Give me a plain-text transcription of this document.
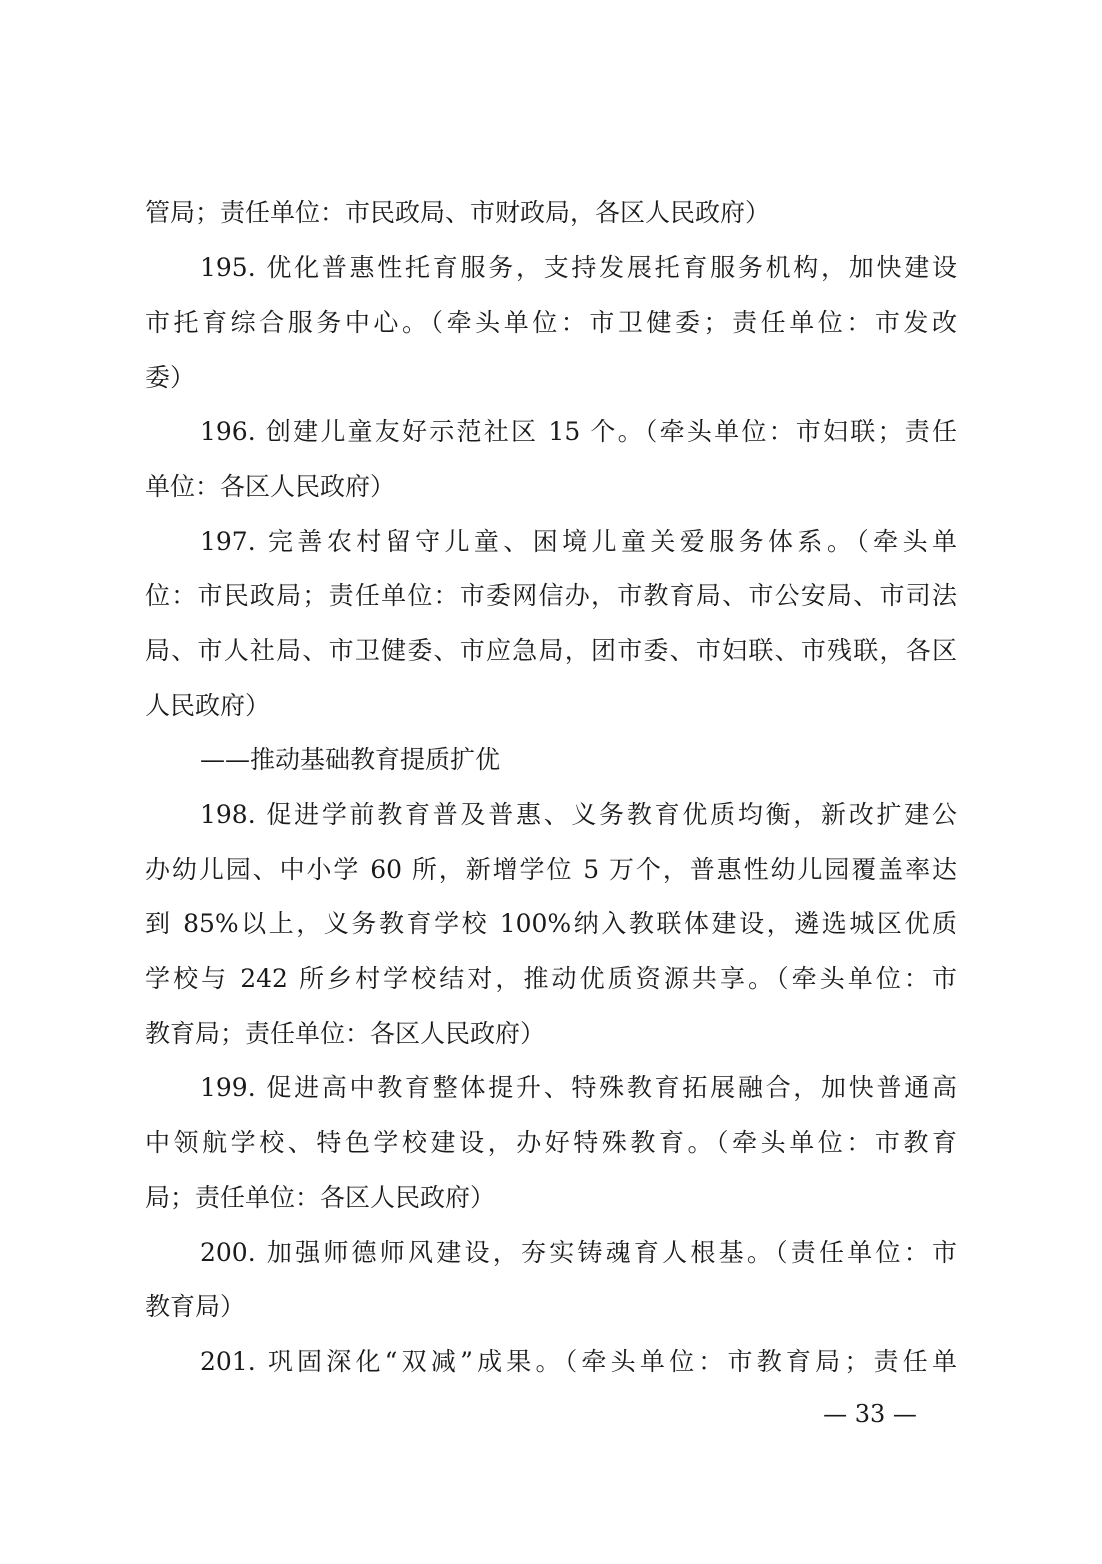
管局；责任单位：市民政局、市财政局，各区人民政府）
195. 优化普惠性托育服务，支持发展托育服务机构，加快建设
市托育综合服务中心。（牵头单位：市卫健委；责任单位：市发改
委）
196. 创建儿童友好示范社区 15 个。（牵头单位：市妇联；责任
单位：各区人民政府）
197. 完善农村留守儿童、困境儿童关爱服务体系。（牵头单
位：市民政局；责任单位：市委网信办，市教育局、市公安局、市司法
局、市人社局、市卫健委、市应急局，团市委、市妇联、市残联，各区
人民政府）
——推动基础教育提质扩优
198. 促进学前教育普及普惠、义务教育优质均衡，新改扩建公
办幼儿园、中小学 60 所，新增学位 5 万个，普惠性幼儿园覆盖率达
到 85%以上，义务教育学校 100%纳入教联体建设，遴选城区优质
学校与 242 所乡村学校结对，推动优质资源共享。（牵头单位：市
教育局；责任单位：各区人民政府）
199. 促进高中教育整体提升、特殊教育拓展融合，加快普通高
中领航学校、特色学校建设，办好特殊教育。（牵头单位：市教育
局；责任单位：各区人民政府）
200. 加强师德师风建设，夯实铸魂育人根基。（责任单位：市
教育局）
201. 巩固深化“双减”成果。（牵头单位：市教育局；责任单
— 33 —
